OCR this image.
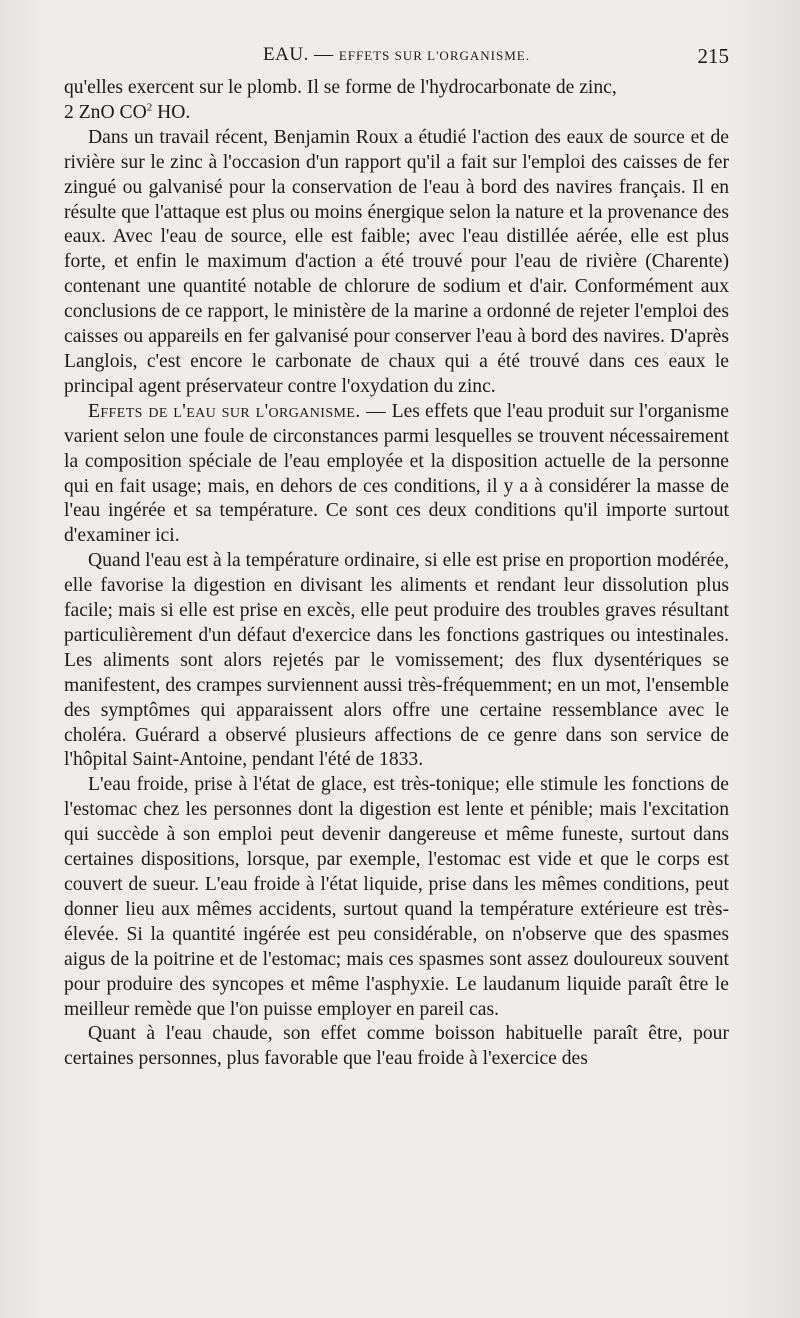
EAU. — EFFETS SUR L'ORGANISME.	215

qu'elles exercent sur le plomb. Il se forme de l'hydrocarbonate de zinc,
2 ZnO $CO^2$ HO.

Dans un travail récent, Benjamin Roux a étudié l'action des eaux de source et de rivière sur le zinc à l'occasion d'un rapport qu'il a fait sur l'emploi des caisses de fer zingué ou galvanisé pour la conservation de l'eau à bord des navires français. Il en résulte que l'attaque est plus ou moins énergique selon la nature et la provenance des eaux. Avec l'eau de source, elle est faible; avec l'eau distillée aérée, elle est plus forte, et enfin le maximum d'action a été trouvé pour l'eau de rivière (Charente) contenant une quantité notable de chlorure de sodium et d'air. Conformément aux conclusions de ce rapport, le ministère de la marine a ordonné de rejeter l'emploi des caisses ou appareils en fer galvanisé pour conserver l'eau à bord des navires. D'après Langlois, c'est encore le carbonate de chaux qui a été trouvé dans ces eaux le principal agent préservateur contre l'oxydation du zinc.

Effets de l'eau sur l'organisme. — Les effets que l'eau produit sur l'organisme varient selon une foule de circonstances parmi lesquelles se trouvent nécessairement la composition spéciale de l'eau employée et la disposition actuelle de la personne qui en fait usage; mais, en dehors de ces conditions, il y a à considérer la masse de l'eau ingérée et sa température. Ce sont ces deux conditions qu'il importe surtout d'examiner ici.

Quand l'eau est à la température ordinaire, si elle est prise en proportion modérée, elle favorise la digestion en divisant les aliments et rendant leur dissolution plus facile; mais si elle est prise en excès, elle peut produire des troubles graves résultant particulièrement d'un défaut d'exercice dans les fonctions gastriques ou intestinales. Les aliments sont alors rejetés par le vomissement; des flux dysentériques se manifestent, des crampes surviennent aussi très-fréquemment; en un mot, l'ensemble des symptômes qui apparaissent alors offre une certaine ressemblance avec le choléra. Guérard a observé plusieurs affections de ce genre dans son service de l'hôpital Saint-Antoine, pendant l'été de 1833.

L'eau froide, prise à l'état de glace, est très-tonique; elle stimule les fonctions de l'estomac chez les personnes dont la digestion est lente et pénible; mais l'excitation qui succède à son emploi peut devenir dangereuse et même funeste, surtout dans certaines dispositions, lorsque, par exemple, l'estomac est vide et que le corps est couvert de sueur. L'eau froide à l'état liquide, prise dans les mêmes conditions, peut donner lieu aux mêmes accidents, surtout quand la température extérieure est très-élevée. Si la quantité ingérée est peu considérable, on n'observe que des spasmes aigus de la poitrine et de l'estomac; mais ces spasmes sont assez douloureux souvent pour produire des syncopes et même l'asphyxie. Le laudanum liquide paraît être le meilleur remède que l'on puisse employer en pareil cas.

Quant à l'eau chaude, son effet comme boisson habituelle paraît être, pour certaines personnes, plus favorable que l'eau froide à l'exercice des
